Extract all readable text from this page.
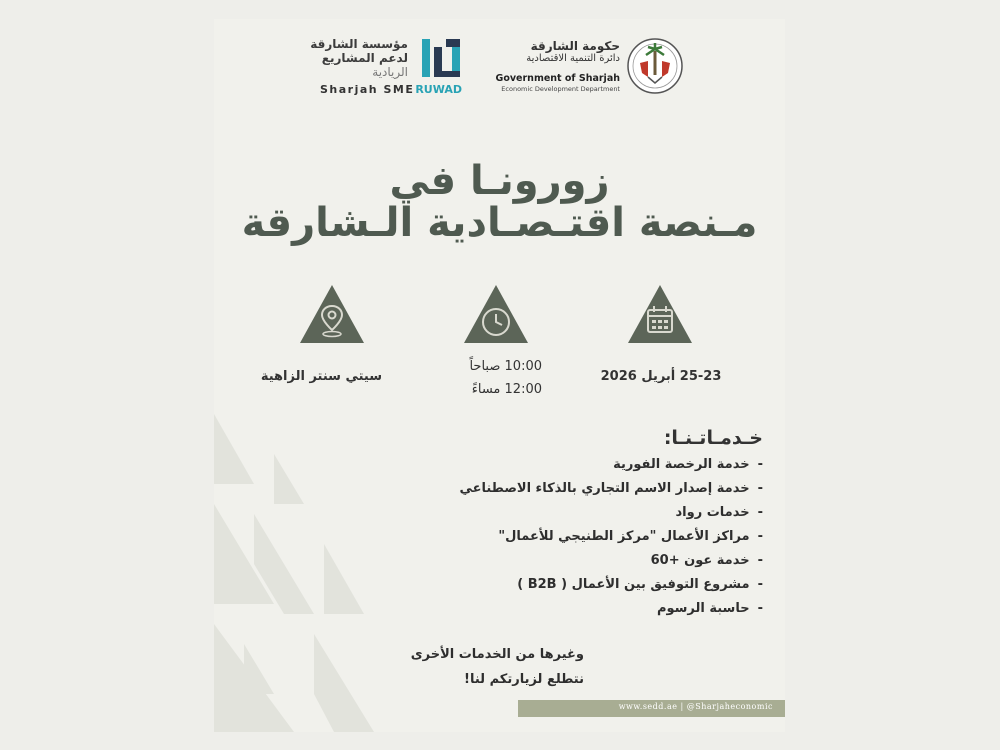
مؤسسة الشارقة
لدعم المشاريع
الريادية
Sharjah SME RUWAD
حكومة الشارقة
دائرة التنمية الاقتصادية
Government of Sharjah
Economic Development Department
زورونـا في
مـنصة اقتـصـادية الـشارقة
سيتي سنتر الزاهية
10:00 صباحاً
12:00 مساءً
25-23 أبريل 2026
خـدمـاتـنـا:
-خدمة الرخصة الفورية
-خدمة إصدار الاسم التجاري بالذكاء الاصطناعي
-خدمات رواد
-مراكز الأعمال "مركز الطنيجي للأعمال"
-خدمة عون +60
-مشروع التوفيق بين الأعمال ( B2B )
-حاسبة الرسوم
وغيرها من الخدمات الأخرى
نتطلع لزيارتكم لنا!
www.sedd.ae | @Sharjaheconomic
